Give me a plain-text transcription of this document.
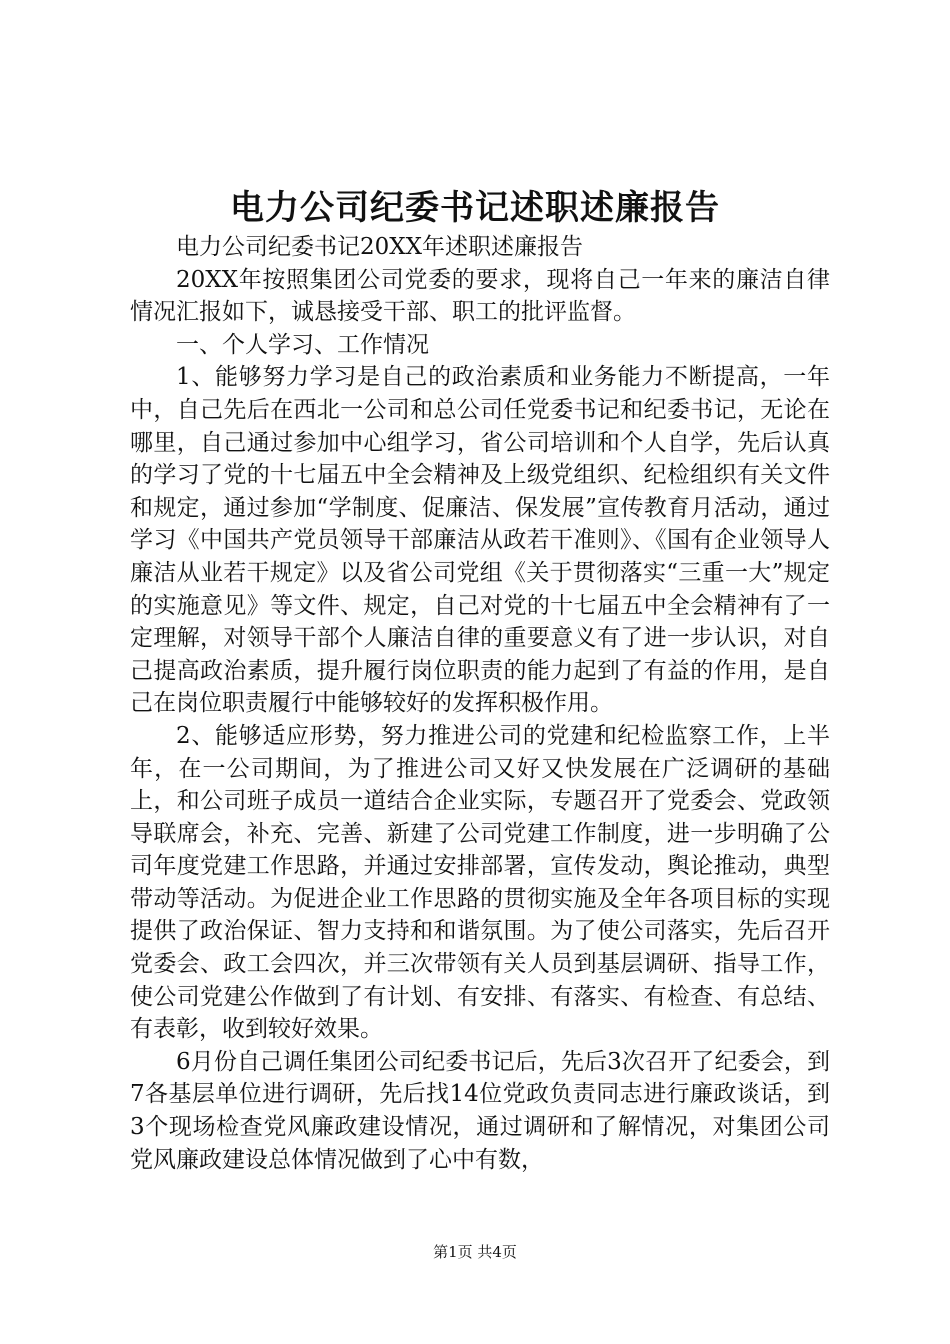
电力公司纪委书记述职述廉报告

电力公司纪委书记20XX年述职述廉报告

20XX年按照集团公司党委的要求，现将自己一年来的廉洁自律情况汇报如下，诚恳接受干部、职工的批评监督。

一、个人学习、工作情况

1、能够努力学习是自己的政治素质和业务能力不断提高，一年中，自己先后在西北一公司和总公司任党委书记和纪委书记，无论在哪里，自己通过参加中心组学习，省公司培训和个人自学，先后认真的学习了党的十七届五中全会精神及上级党组织、纪检组织有关文件和规定，通过参加“学制度、促廉洁、保发展”宣传教育月活动，通过学习《中国共产党员领导干部廉洁从政若干准则》、《国有企业领导人廉洁从业若干规定》以及省公司党组《关于贯彻落实“三重一大”规定的实施意见》等文件、规定，自己对党的十七届五中全会精神有了一定理解，对领导干部个人廉洁自律的重要意义有了进一步认识，对自己提高政治素质，提升履行岗位职责的能力起到了有益的作用，是自己在岗位职责履行中能够较好的发挥积极作用。

2、能够适应形势，努力推进公司的党建和纪检监察工作，上半年，在一公司期间，为了推进公司又好又快发展在广泛调研的基础上，和公司班子成员一道结合企业实际，专题召开了党委会、党政领导联席会，补充、完善、新建了公司党建工作制度，进一步明确了公司年度党建工作思路，并通过安排部署，宣传发动，舆论推动，典型带动等活动。为促进企业工作思路的贯彻实施及全年各项目标的实现提供了政治保证、智力支持和和谐氛围。为了使公司落实，先后召开党委会、政工会四次，并三次带领有关人员到基层调研、指导工作，使公司党建公作做到了有计划、有安排、有落实、有检查、有总结、有表彰，收到较好效果。

6月份自己调任集团公司纪委书记后，先后3次召开了纪委会，到7各基层单位进行调研，先后找14位党政负责同志进行廉政谈话，到3个现场检查党风廉政建设情况，通过调研和了解情况，对集团公司党风廉政建设总体情况做到了心中有数，

第1页 共4页
